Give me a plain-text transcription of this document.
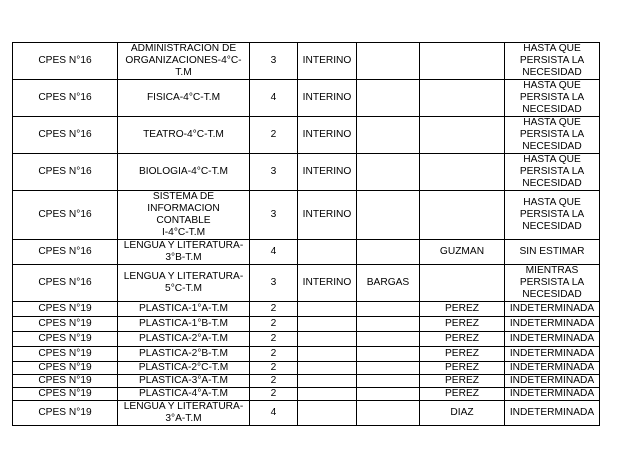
CPES N°16	ADMINISTRACION DE
ORGANIZACIONES-4°C-
T.M	3	INTERINO			HASTA QUE
PERSISTA LA
NECESIDAD
CPES N°16	FISICA-4°C-T.M	4	INTERINO			HASTA QUE
PERSISTA LA
NECESIDAD
CPES N°16	TEATRO-4°C-T.M	2	INTERINO			HASTA QUE
PERSISTA LA
NECESIDAD
CPES N°16	BIOLOGIA-4°C-T.M	3	INTERINO			HASTA QUE
PERSISTA LA
NECESIDAD
CPES N°16	SISTEMA DE
INFORMACION CONTABLE
I-4°C-T.M	3	INTERINO			HASTA QUE
PERSISTA LA
NECESIDAD
CPES N°16	LENGUA Y LITERATURA-
3°B-T.M	4			GUZMAN	SIN ESTIMAR
CPES N°16	LENGUA Y LITERATURA-
5°C-T.M	3	INTERINO	BARGAS		MIENTRAS
PERSISTA LA
NECESIDAD
CPES N°19	PLASTICA-1°A-T.M	2			PEREZ	INDETERMINADA
CPES N°19	PLASTICA-1°B-T.M	2			PEREZ	INDETERMINADA
CPES N°19	PLASTICA-2°A-T.M	2			PEREZ	INDETERMINADA
CPES N°19	PLASTICA-2°B-T.M	2			PEREZ	INDETERMINADA
CPES N°19	PLASTICA-2°C-T.M	2			PEREZ	INDETERMINADA
CPES N°19	PLASTICA-3°A-T.M	2			PEREZ	INDETERMINADA
CPES N°19	PLASTICA-4°A-T.M	2			PEREZ	INDETERMINADA
CPES N°19	LENGUA Y LITERATURA-
3°A-T.M	4			DIAZ	INDETERMINADA
